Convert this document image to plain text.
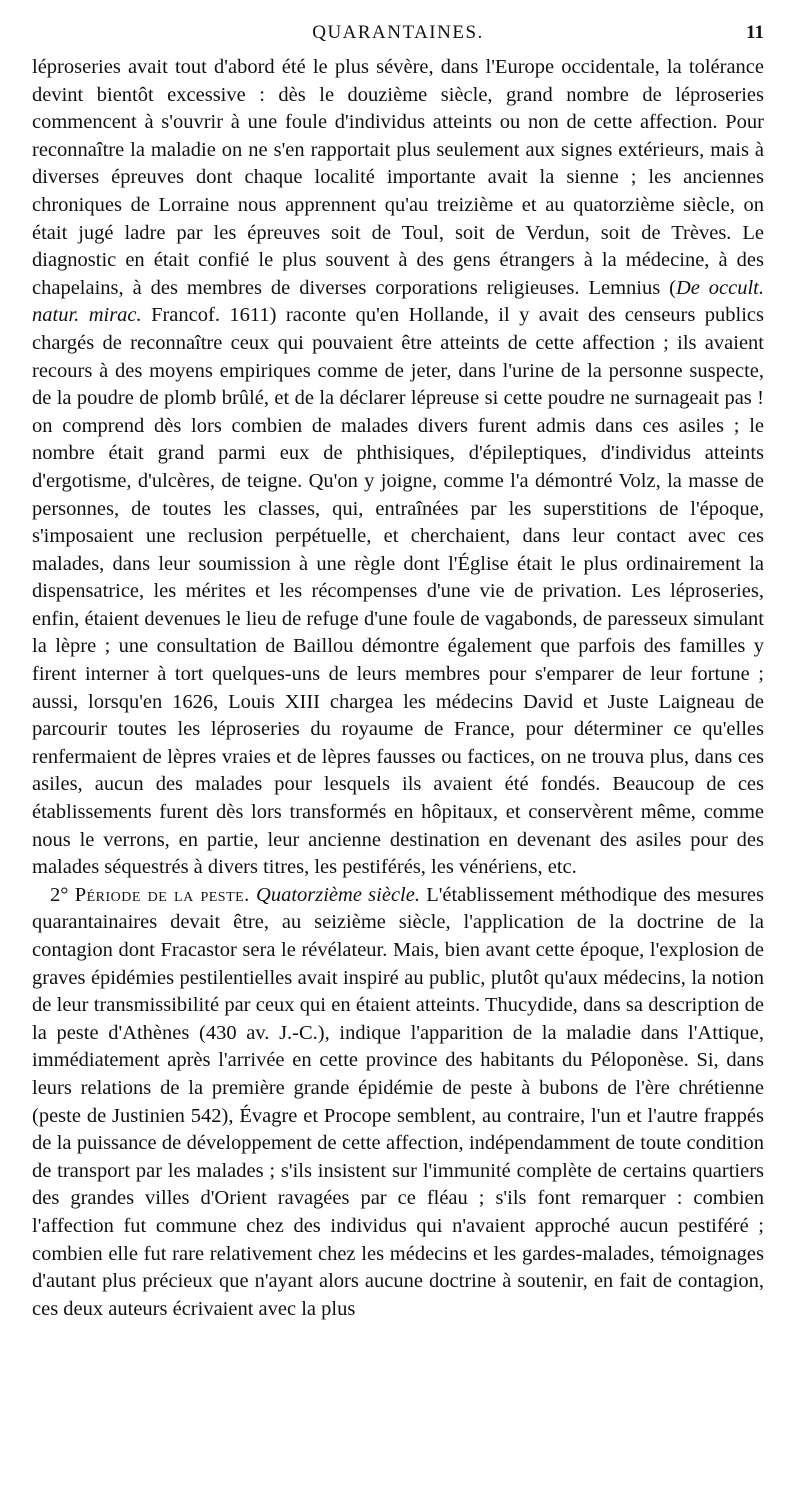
QUARANTAINES.	11

léproseries avait tout d'abord été le plus sévère, dans l'Europe occidentale, la tolérance devint bientôt excessive : dès le douzième siècle, grand nombre de léproseries commencent à s'ouvrir à une foule d'individus atteints ou non de cette affection. Pour reconnaître la maladie on ne s'en rapportait plus seulement aux signes extérieurs, mais à diverses épreuves dont chaque localité importante avait la sienne ; les anciennes chroniques de Lorraine nous apprennent qu'au treizième et au quatorzième siècle, on était jugé ladre par les épreuves soit de Toul, soit de Verdun, soit de Trèves. Le diagnostic en était confié le plus souvent à des gens étrangers à la médecine, à des chapelains, à des membres de diverses corporations religieuses. Lemnius (De occult. natur. mirac. Francof. 1611) raconte qu'en Hollande, il y avait des censeurs publics chargés de reconnaître ceux qui pouvaient être atteints de cette affection ; ils avaient recours à des moyens empiriques comme de jeter, dans l'urine de la personne suspecte, de la poudre de plomb brûlé, et de la déclarer lépreuse si cette poudre ne surnageait pas ! on comprend dès lors combien de malades divers furent admis dans ces asiles ; le nombre était grand parmi eux de phthisiques, d'épileptiques, d'individus atteints d'ergotisme, d'ulcères, de teigne. Qu'on y joigne, comme l'a démontré Volz, la masse de personnes, de toutes les classes, qui, entraînées par les superstitions de l'époque, s'imposaient une reclusion perpétuelle, et cherchaient, dans leur contact avec ces malades, dans leur soumission à une règle dont l'Église était le plus ordinairement la dispensatrice, les mérites et les récompenses d'une vie de privation. Les léproseries, enfin, étaient devenues le lieu de refuge d'une foule de vagabonds, de paresseux simulant la lèpre ; une consultation de Baillou démontre également que parfois des familles y firent interner à tort quelques-uns de leurs membres pour s'emparer de leur fortune ; aussi, lorsqu'en 1626, Louis XIII chargea les médecins David et Juste Laigneau de parcourir toutes les léproseries du royaume de France, pour déterminer ce qu'elles renfermaient de lèpres vraies et de lèpres fausses ou factices, on ne trouva plus, dans ces asiles, aucun des malades pour lesquels ils avaient été fondés. Beaucoup de ces établissements furent dès lors transformés en hôpitaux, et conservèrent même, comme nous le verrons, en partie, leur ancienne destination en devenant des asiles pour des malades séquestrés à divers titres, les pestiférés, les vénériens, etc.

2° Période de la peste. Quatorzième siècle. L'établissement méthodique des mesures quarantainaires devait être, au seizième siècle, l'application de la doctrine de la contagion dont Fracastor sera le révélateur. Mais, bien avant cette époque, l'explosion de graves épidémies pestilentielles avait inspiré au public, plutôt qu'aux médecins, la notion de leur transmissibilité par ceux qui en étaient atteints. Thucydide, dans sa description de la peste d'Athènes (430 av. J.-C.), indique l'apparition de la maladie dans l'Attique, immédiatement après l'arrivée en cette province des habitants du Péloponèse. Si, dans leurs relations de la première grande épidémie de peste à bubons de l'ère chrétienne (peste de Justinien 542), Évagre et Procope semblent, au contraire, l'un et l'autre frappés de la puissance de développement de cette affection, indépendamment de toute condition de transport par les malades ; s'ils insistent sur l'immunité complète de certains quartiers des grandes villes d'Orient ravagées par ce fléau ; s'ils font remarquer : combien l'affection fut commune chez des individus qui n'avaient approché aucun pestiféré ; combien elle fut rare relativement chez les médecins et les gardes-malades, témoignages d'autant plus précieux que n'ayant alors aucune doctrine à soutenir, en fait de contagion, ces deux auteurs écrivaient avec la plus
